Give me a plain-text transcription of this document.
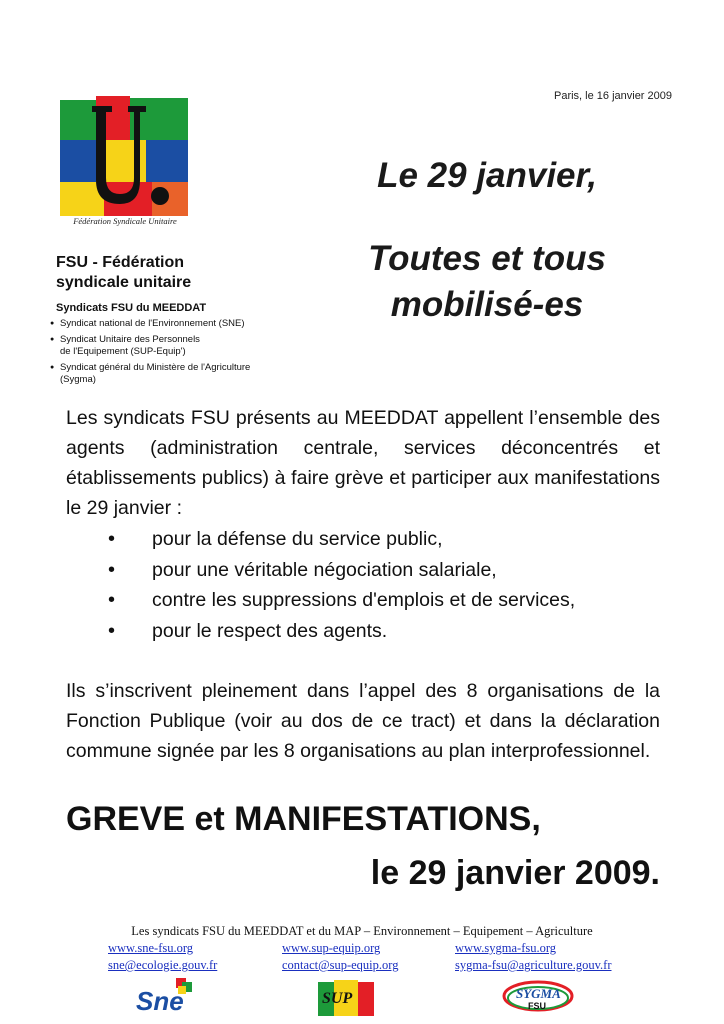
Paris, le 16 janvier 2009
Fédération Syndicale Unitaire
FSU - Fédération
syndicale unitaire
Syndicats FSU du MEEDDAT
● Syndicat national de l'Environnement (SNE)
● Syndicat Unitaire des Personnels
de l'Equipement (SUP-Equip')
● Syndicat général du Ministère de l'Agriculture
(Sygma)
Le 29 janvier,
Toutes et tous
mobilisé-es
Les syndicats FSU présents au MEEDDAT appellent l’ensemble des agents (administration centrale, services déconcentrés et établissements publics) à faire grève et participer aux manifestations le 29 janvier :
• pour la défense du service public,
• pour une véritable négociation salariale,
• contre les suppressions d'emplois et de services,
• pour le respect des agents.
Ils s’inscrivent pleinement dans l’appel des 8 organisations de la Fonction Publique (voir au dos de ce tract) et dans la déclaration commune signée par les 8 organisations au plan interprofessionnel.
GREVE et MANIFESTATIONS,
le 29 janvier 2009.
Les syndicats FSU du MEEDDAT et du MAP – Environnement – Equipement – Agriculture
www.sne-fsu.org	www.sup-equip.org	www.sygma-fsu.org
sne@ecologie.gouv.fr	contact@sup-equip.org	sygma-fsu@agriculture.gouv.fr
Sne	SUP	SYGMA
FSU
